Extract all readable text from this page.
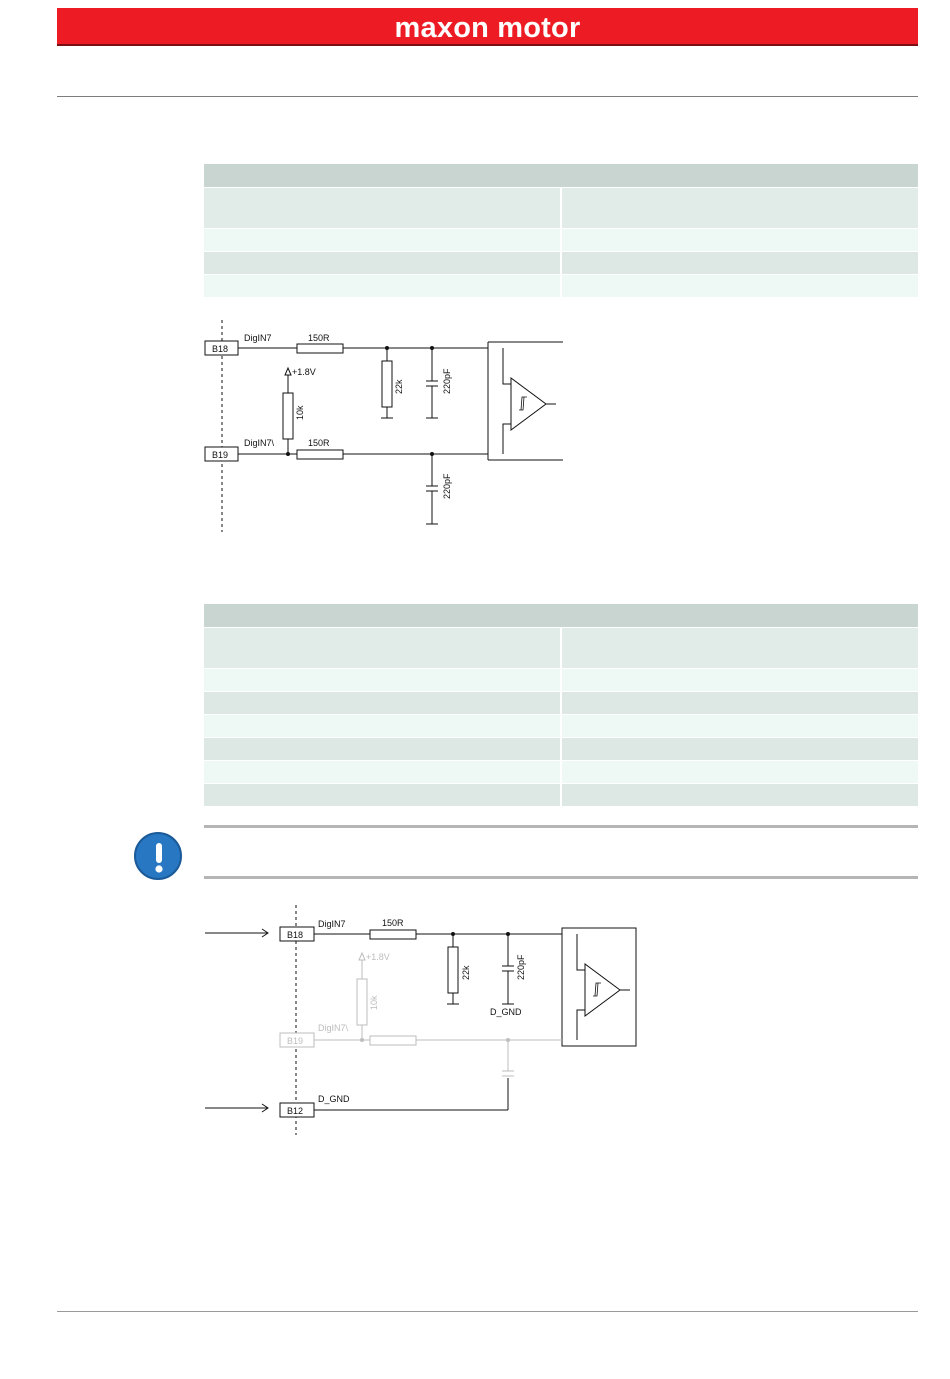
maxon motor
B18
B19
DigIN7
DigIN7\
150R
150R
+1.8V
10k
22k	220pF
220pF
B18
B19
B12
DigIN7
DigIN7\
150R
+1.8V
10k
22k	220pF
D_GND
D_GND
